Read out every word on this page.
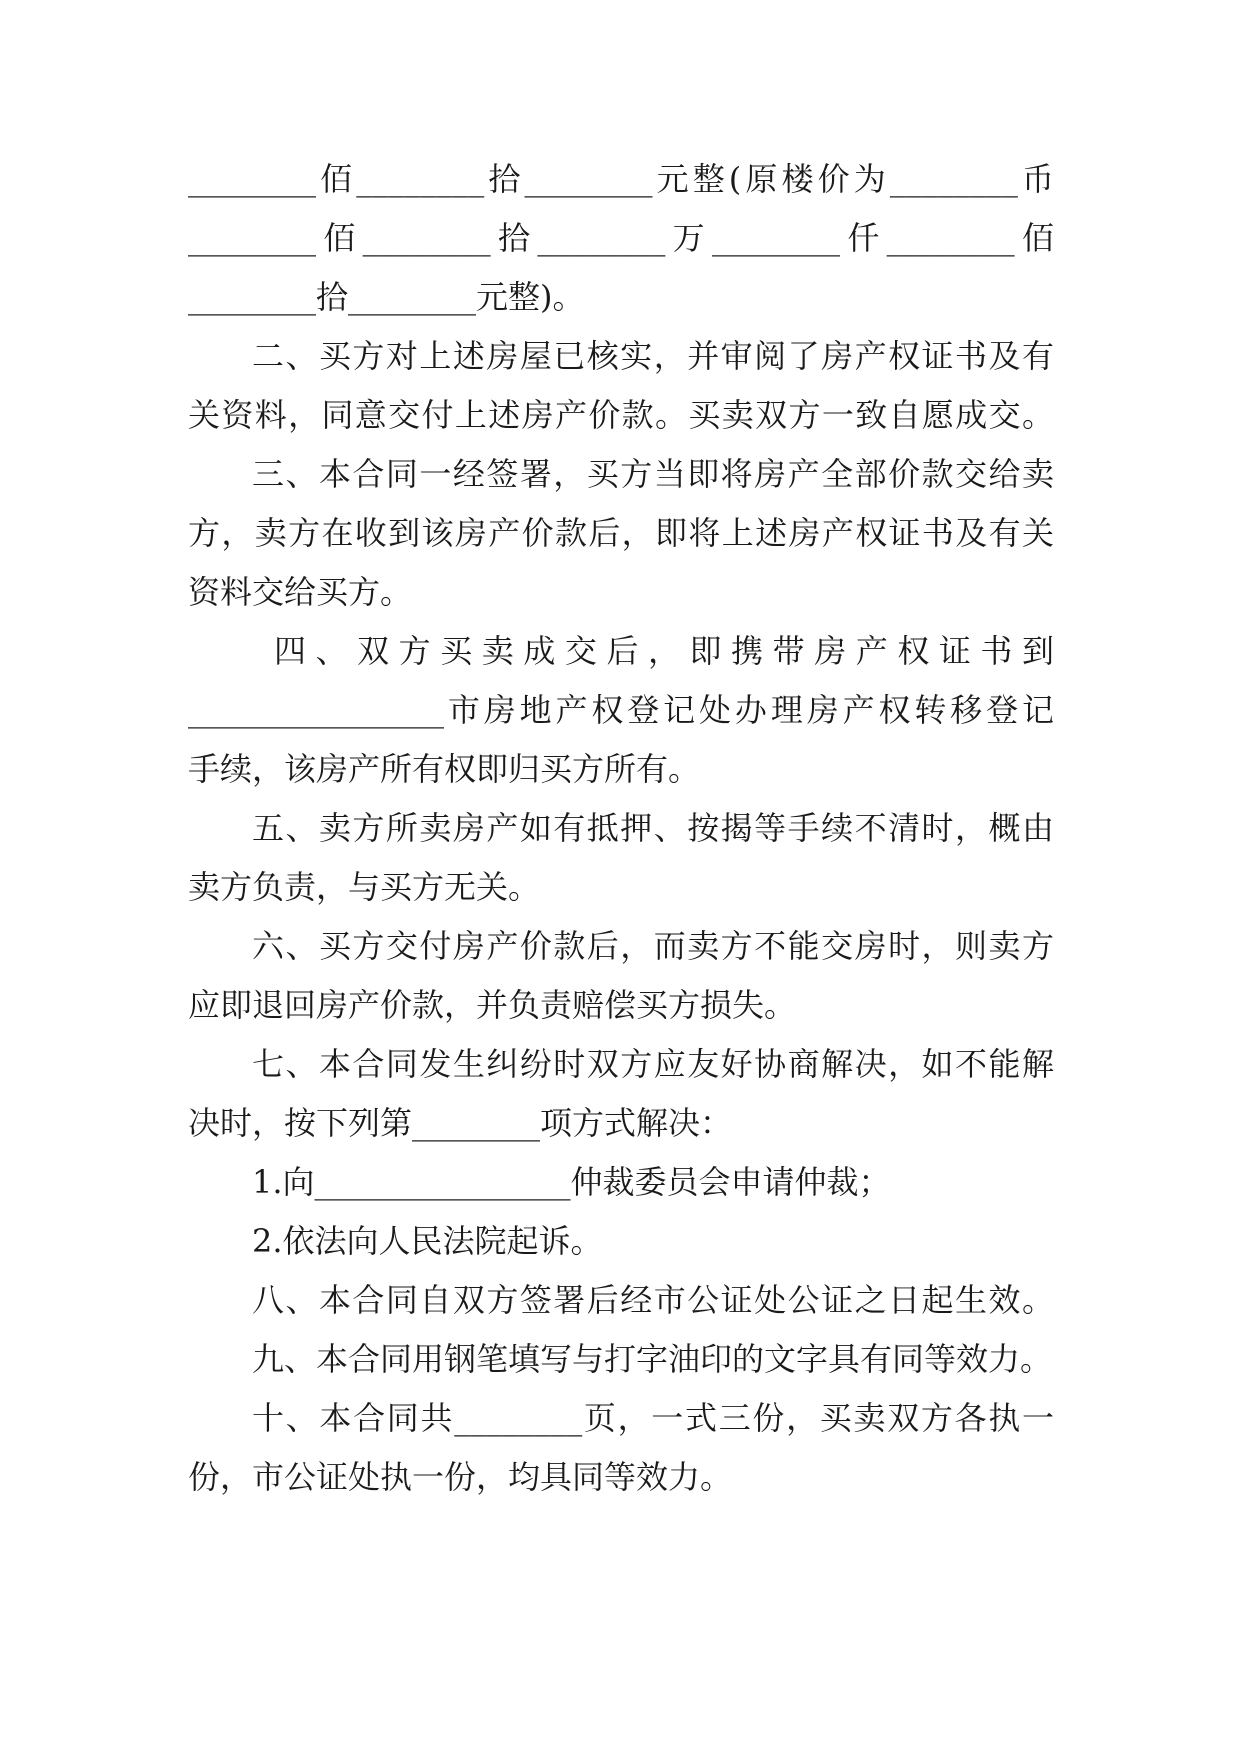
________佰________拾________元整(原楼价为________币
________佰________拾________万________仟________佰
________拾________元整)。
二、买方对上述房屋已核实，并审阅了房产权证书及有
关资料，同意交付上述房产价款。买卖双方一致自愿成交。
三、本合同一经签署，买方当即将房产全部价款交给卖
方，卖方在收到该房产价款后，即将上述房产权证书及有关
资料交给买方。
四、双方买卖成交后，即携带房产权证书到
________________市房地产权登记处办理房产权转移登记
手续，该房产所有权即归买方所有。
五、卖方所卖房产如有抵押、按揭等手续不清时，概由
卖方负责，与买方无关。
六、买方交付房产价款后，而卖方不能交房时，则卖方
应即退回房产价款，并负责赔偿买方损失。
七、本合同发生纠纷时双方应友好协商解决，如不能解
决时，按下列第________项方式解决：
1.向________________仲裁委员会申请仲裁；
2.依法向人民法院起诉。
八、本合同自双方签署后经市公证处公证之日起生效。
九、本合同用钢笔填写与打字油印的文字具有同等效力。
十、本合同共________页，一式三份，买卖双方各执一
份，市公证处执一份，均具同等效力。
